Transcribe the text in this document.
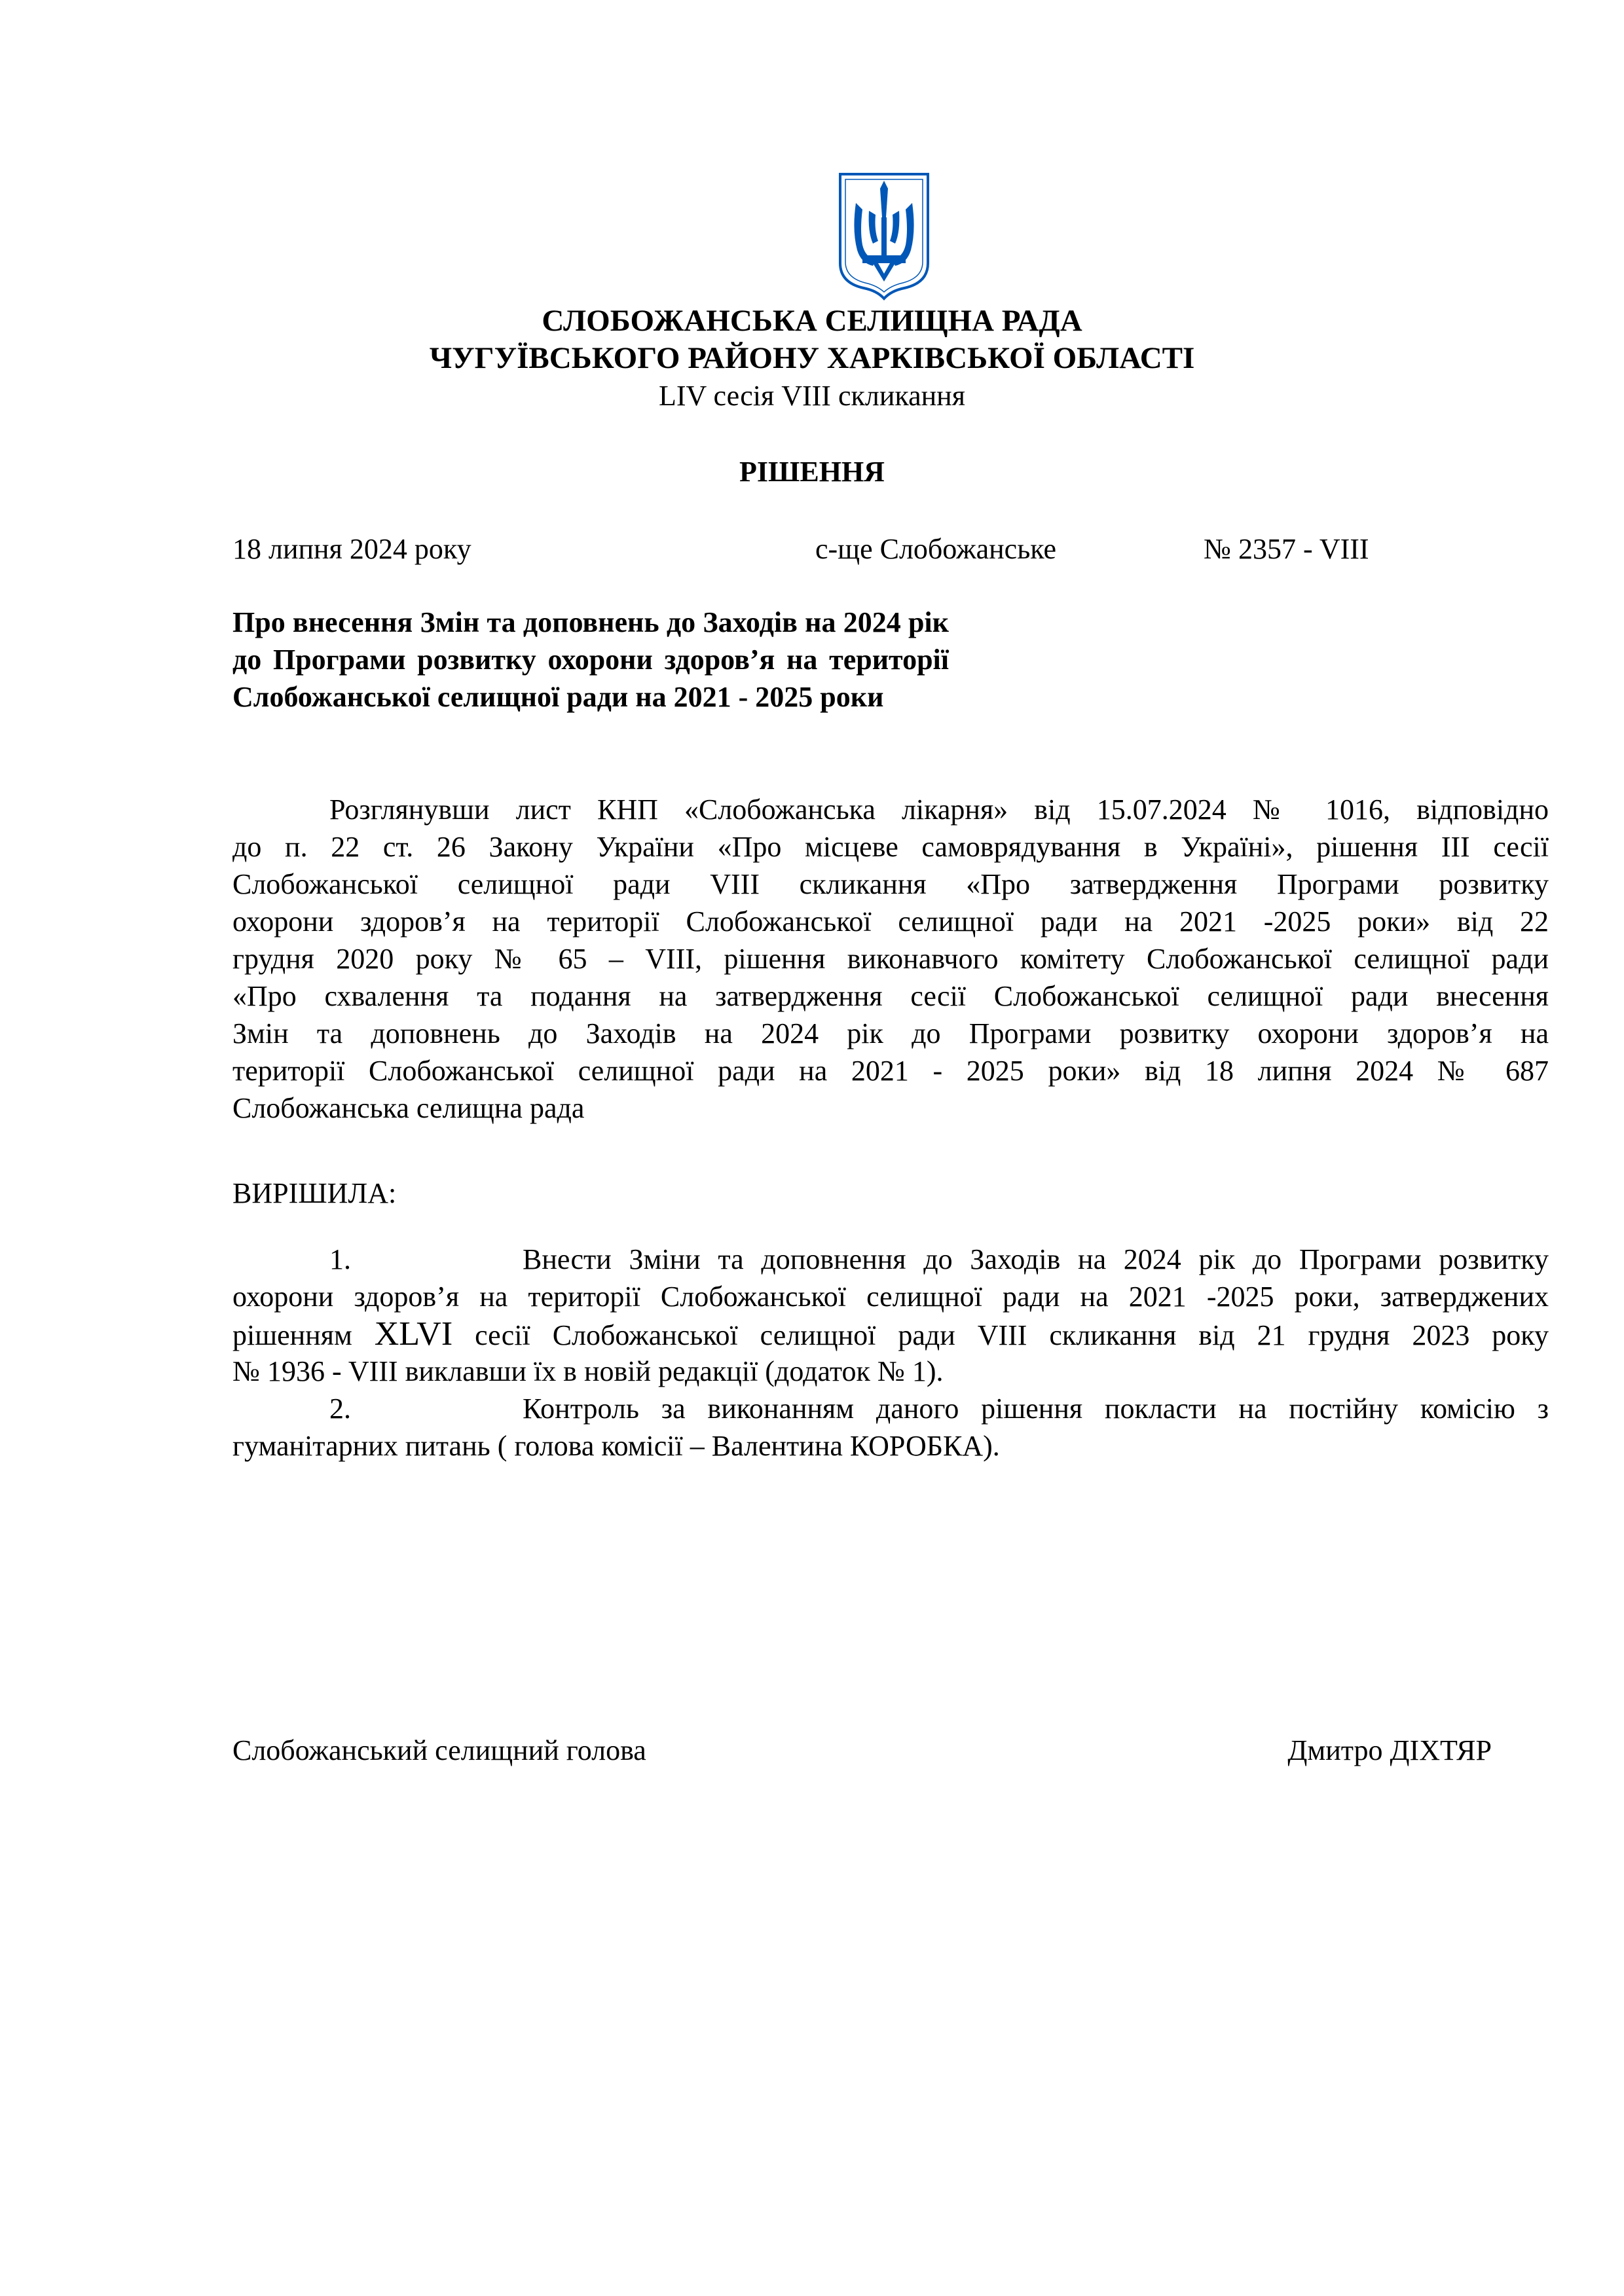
СЛОБОЖАНСЬКА СЕЛИЩНА РАДА
ЧУГУЇВСЬКОГО РАЙОНУ ХАРКІВСЬКОЇ ОБЛАСТІ
LIV сесія VIII скликання
РІШЕННЯ
18 липня 2024 року	с-ще Слобожанське	№ 2357 - VIII
Про внесення Змін та доповнень до Заходів на 2024 рік до Програми розвитку охорони здоров’я на території Слобожанської селищної ради на 2021 - 2025 роки
Розглянувши лист КНП «Слобожанська лікарня» від 15.07.2024 № 1016, відповідно
до п. 22 ст. 26 Закону України «Про місцеве самоврядування в Україні», рішення ІІІ сесії
Слобожанської селищної ради VIII скликання «Про затвердження Програми розвитку
охорони здоров’я на території Слобожанської селищної ради на 2021 -2025 роки» від 22
грудня 2020 року № 65 – VIII, рішення виконавчого комітету Слобожанської селищної ради
«Про схвалення та подання на затвердження сесії Слобожанської селищної ради внесення
Змін та доповнень до Заходів на 2024 рік до Програми розвитку охорони здоров’я на
території Слобожанської селищної ради на 2021 - 2025 роки» від 18 липня 2024 № 687
Слобожанська селищна рада
ВИРІШИЛА:
1.	Внести Зміни та доповнення до Заходів на 2024 рік до Програми розвитку
охорони здоров’я на території Слобожанської селищної ради на 2021 -2025 роки, затверджених
рішенням XLVI сесії Слобожанської селищної ради VIII скликання від 21 грудня 2023 року
№ 1936 - VIII виклавши їх в новій редакції (додаток № 1).
2.	Контроль за виконанням даного рішення покласти на постійну комісію з
гуманітарних питань ( голова комісії – Валентина КОРОБКА).
Слобожанський селищний голова	Дмитро ДІХТЯР
